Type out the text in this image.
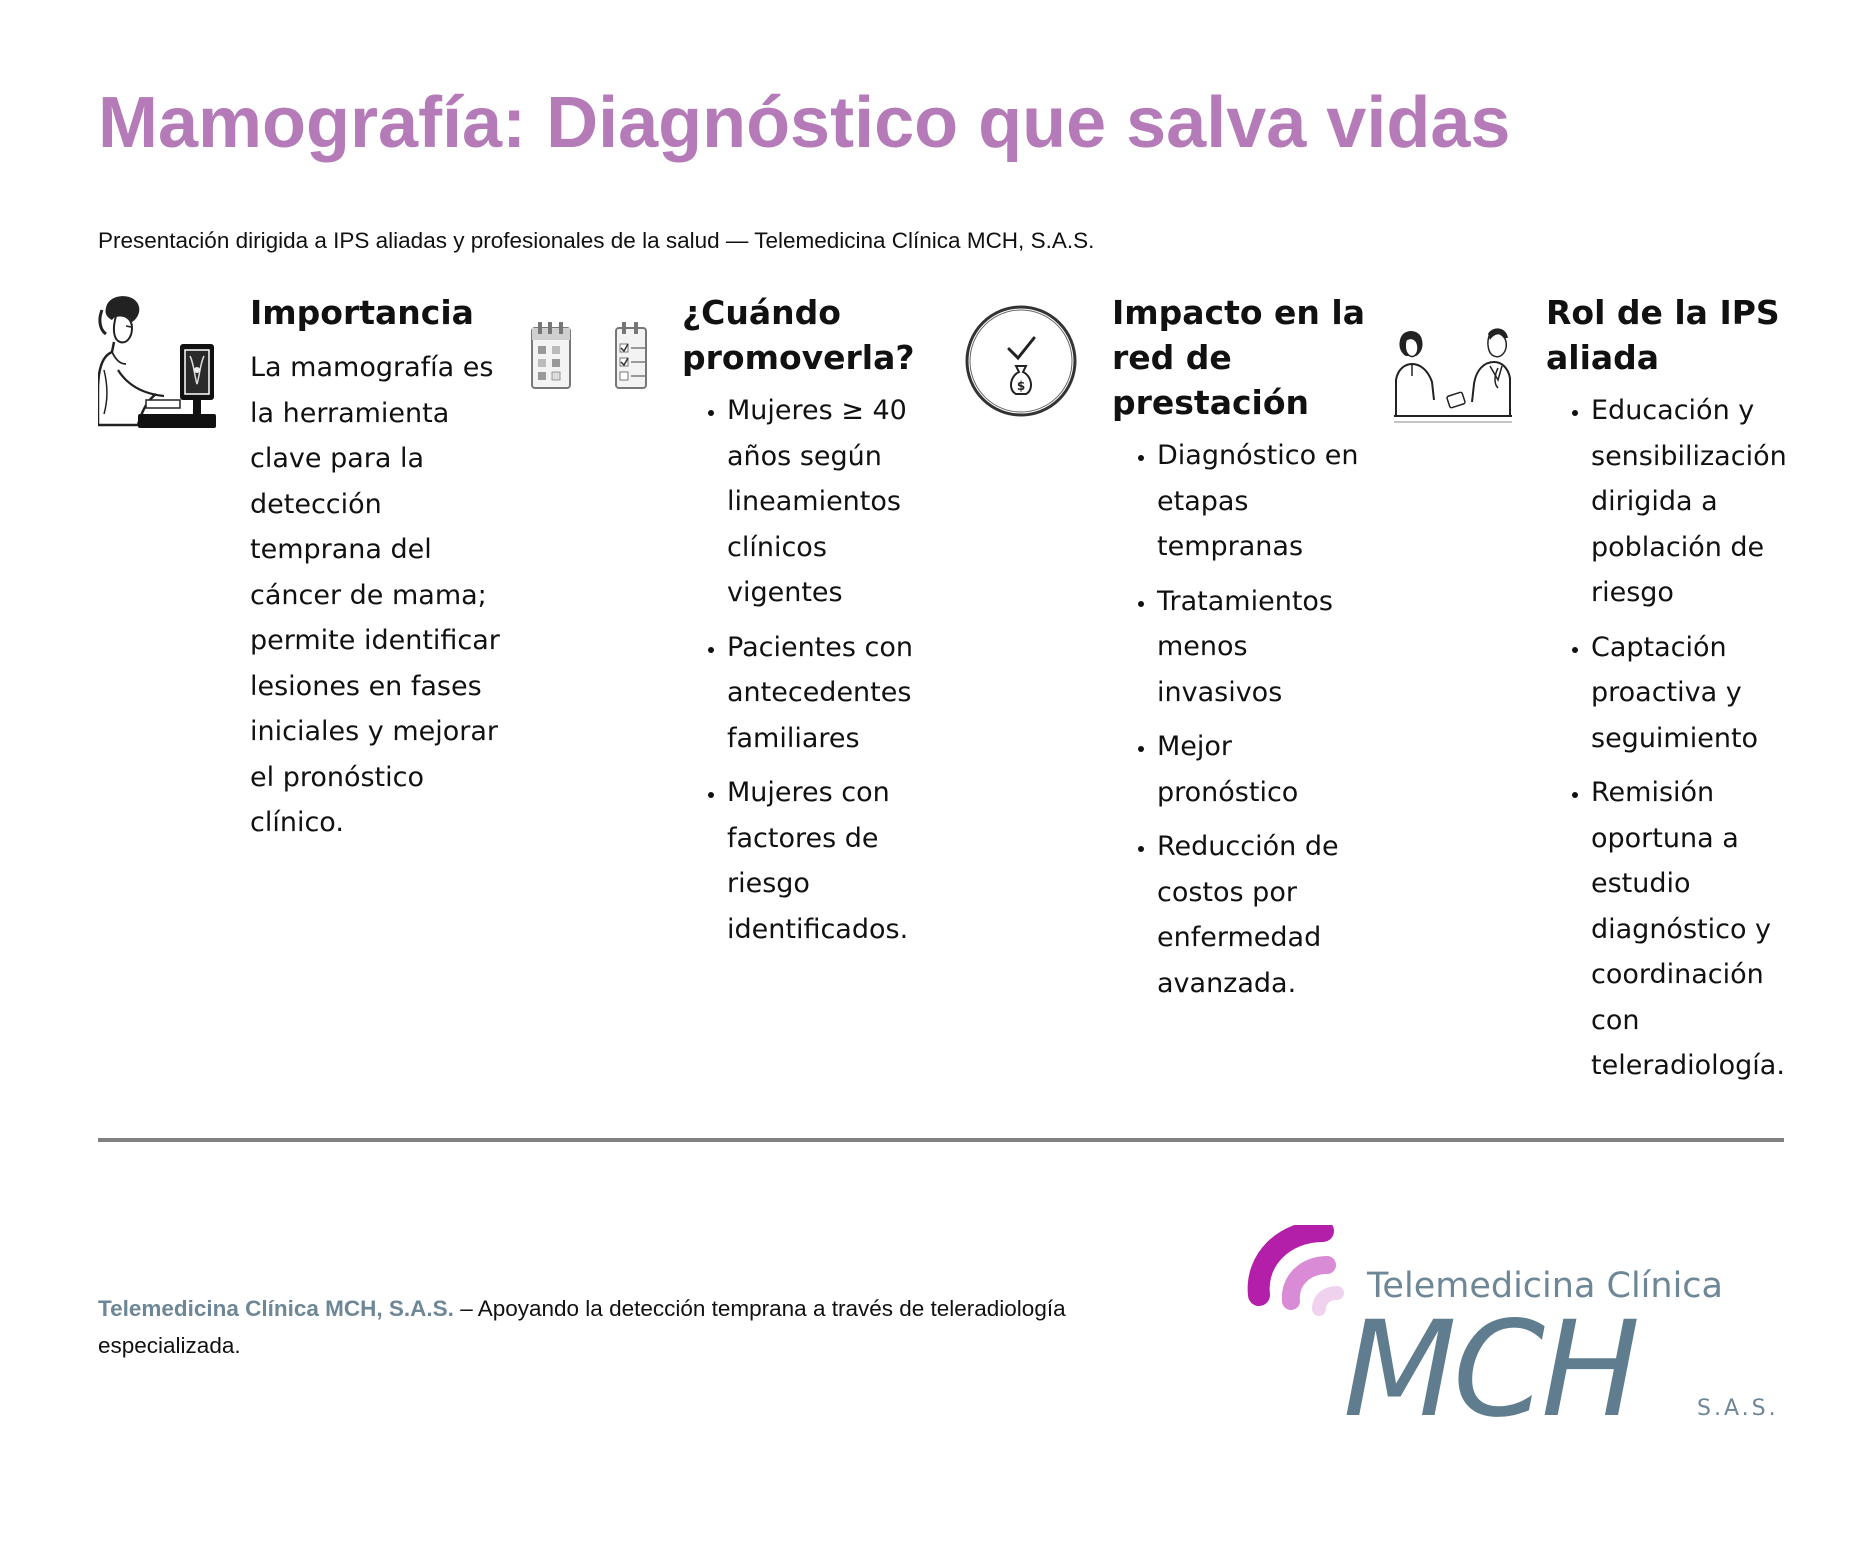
Mamografía: Diagnóstico que salva vidas

Presentación dirigida a IPS aliadas y profesionales de la salud — Telemedicina Clínica MCH, S.A.S.

Importancia

La mamografía es la herramienta clave para la detección temprana del cáncer de mama; permite identificar lesiones en fases iniciales y mejorar el pronóstico clínico.

¿Cuándo promoverla?
• Mujeres ≥ 40 años según lineamientos clínicos vigentes
• Pacientes con antecedentes familiares
• Mujeres con factores de riesgo identificados.
$
Impacto en la red de prestación
• Diagnóstico en etapas tempranas
• Tratamientos menos invasivos
• Mejor pronóstico
• Reducción de costos por enfermedad avanzada.
Rol de la IPS aliada
• Educación y sensibilización dirigida a población de riesgo
• Captación proactiva y seguimiento
• Remisión oportuna a estudio diagnóstico y coordinación con teleradiología.

Telemedicina Clínica MCH, S.A.S. – Apoyando la detección temprana a través de teleradiología especializada.

Telemedicina Clínica
MCH	S.A.S.
